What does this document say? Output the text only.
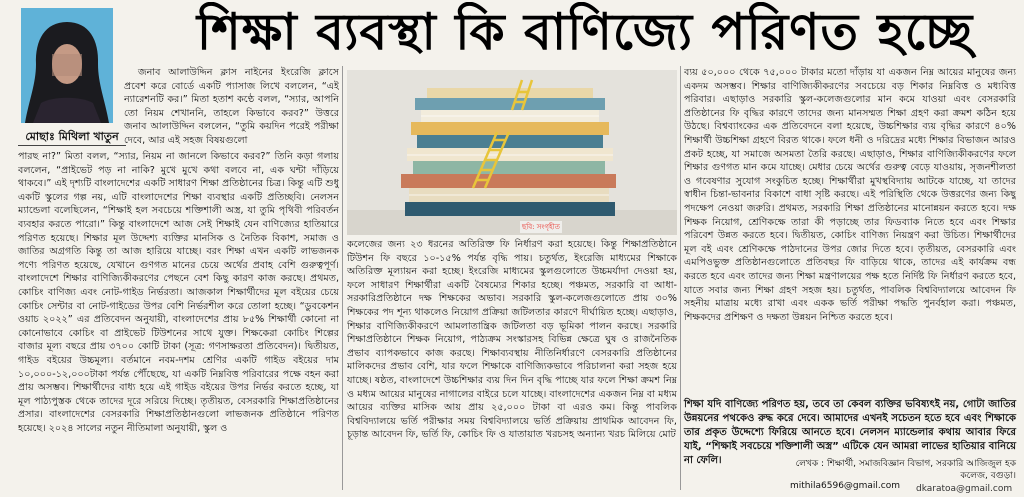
শিক্ষা ব্যবস্থা কি বাণিজ্যে পরিণত হচ্ছে
মোছাঃ মিথিলা খাতুন

জনাব আলাউদ্দিন ক্লাস নাইনের ইংরেজি ক্লাসে প্রবেশ করে বোর্ডে একটি প্যাসাজ লিখে বললেন, “এই ন্যারেশনটি কর।” মিতা হতাশ কণ্ঠে বলল, “স্যার, আপনি তো নিয়ম শেখাননি, তাহলে কিভাবে করব?” উত্তরে জনাব আলাউদ্দিন বললেন, “তুমি কয়দিন পরেই পরীক্ষা দেবে, আর এই সহজ বিষয়গুলো

পারছ না?” মিতা বলল, “স্যার, নিয়ম না জানলে কিভাবে করব?” তিনি কড়া গলায় বললেন, “প্রাইভেট পড় না নাকি? মুখে মুখে কথা বলবে না, এক ঘন্টা দাঁড়িয়ে থাকবে।” এই দৃশ্যটি বাংলাদেশের একটি সাধারণ শিক্ষা প্রতিষ্ঠানের চিত্র। কিন্তু এটি শুধু একটি স্কুলের গল্প নয়, এটি বাংলাদেশের শিক্ষা ব্যবস্থার একটি প্রতিচ্ছবি। নেলসন ম্যান্ডেলা বলেছিলেন, “শিক্ষাই হল সবচেয়ে শক্তিশালী অস্ত্র, যা তুমি পৃথিবী পরিবর্তন ব্যবহার করতে পারো।” কিন্তু বাংলাদেশে আজ সেই শিক্ষাই যেন বাণিজ্যের হাতিয়ারে পরিণত হয়েছে। শিক্ষার মূল উদ্দেশ্য ব্যক্তির মানসিক ও নৈতিক বিকাশ, সমাজ ও জাতির অগ্রগতি কিন্তু তা আজ হারিয়ে যাচ্ছে। বরং শিক্ষা এখন একটি লাভজনক পণ্যে পরিণত হয়েছে, যেখানে গুণগত মানের চেয়ে অর্থের প্রবাহ বেশি গুরুত্বপূর্ণ। বাংলাদেশে শিক্ষার বাণিজ্যিকীকরণের পেছনে বেশ কিছু কারণ কাজ করছে। প্রথমত, কোচিং বাণিজ্য এবং নোট-গাইড নির্ভরতা। আজকাল শিক্ষার্থীদের মূল বইয়ের চেয়ে কোচিং সেন্টার বা নোট-গাইডের উপর বেশি নির্ভরশীল করে তোলা হচ্ছে। “ডুবকেশন ওয়াচ ২০২২” এর প্রতিবেদন অনুযায়ী, বাংলাদেশের প্রায় ৮৫% শিক্ষার্থী কোনো না কোনোভাবে কোচিং বা প্রাইভেট টিউশনের সাথে যুক্ত। শিক্ষকেরা কোচিং শিল্পের বাজার মূল্য বছরে প্রায় ৩৭০০ কোটি টাকা (সূত্র: গণসাক্ষরতা প্রতিবেদন)। দ্বিতীয়ত, গাইড বইয়ের উচ্চমূল্য। বর্তমানে নবম-দশম শ্রেণির একটি গাইড বইয়ের দাম ১০,০০০-১২,০০০টাকা পর্যন্ত পৌঁছেছে, যা একটি নিম্নবিত্ত পরিবারের পক্ষে বহন করা প্রায় অসম্ভব। শিক্ষার্থীদের বাধ্য হয়ে এই গাইড বইয়ের উপর নির্ভর করতে হচ্ছে, যা মূল পাঠ্যপুস্তক থেকে তাদের দূরে সরিয়ে দিচ্ছে। তৃতীয়ত, বেসরকারি শিক্ষাপ্রতিষ্ঠানের প্রসার। বাংলাদেশের বেসরকারি শিক্ষাপ্রতিষ্ঠানগুলো লাভজনক প্রতিষ্ঠানে পরিণত হয়েছে। ২০২৪ সালের নতুন নীতিমালা অনুযায়ী, স্কুল ও

ছবি: সংগৃহীত

কলেজের জন্য ২৩ ধরনের অতিরিক্ত ফি নির্ধারণ করা হয়েছে। কিন্তু শিক্ষাপ্রতিষ্ঠানে টিউশন ফি বছরে ১০-১৫% পর্যন্ত বৃদ্ধি পায়। চতুর্থত, ইংরেজি মাধ্যমের শিক্ষাকে অতিরিক্ত মূল্যায়ন করা হচ্ছে। ইংরেজি মাধ্যমের স্কুলগুলোতে উচ্চমর্যাদা দেওয়া হয়, ফলে সাধারণ শিক্ষার্থীরা একটি বৈষম্যের শিকার হচ্ছে। পঞ্চমত, সরকারি বা আধা-সরকারিপ্রতিষ্ঠানে দক্ষ শিক্ষকের অভাব। সরকারি স্কুল-কলেজগুলোতে প্রায় ৩০% শিক্ষকের পদ শূন্য থাকলেও নিয়োগ প্রক্রিয়া জটিলতার কারণে দীর্ঘায়িত হচ্ছে। এছাড়াও, শিক্ষার বাণিজ্যিকীকরণে আমলাতান্ত্রিক জটিলতা বড় ভূমিকা পালন করছে। সরকারি শিক্ষাপ্রতিষ্ঠানে শিক্ষক নিয়োগ, পাঠ্যক্রম সংস্কারসহ বিভিন্ন ক্ষেত্রে ঘুষ ও রাজনৈতিক প্রভাব ব্যাপকভাবে কাজ করছে। শিক্ষাব্যবস্থায় নীতিনির্ধারণে বেসরকারি প্রতিষ্ঠানের মালিকদের প্রভাব বেশি, যার ফলে শিক্ষাকে বাণিজ্যিকভাবে পরিচালনা করা সহজ হয়ে যাচ্ছে। ষষ্ঠত, বাংলাদেশে উচ্চশিক্ষার ব্যয় দিন দিন বৃদ্ধি পাচ্ছে যার ফলে শিক্ষা ক্রমশ নিম্ন ও মধ্যম আয়ের মানুষের নাগালের বাইরে চলে যাচ্ছে। বাংলাদেশের একজন নিম্ন বা মধ্যম আয়ের ব্যক্তির মাসিক আয় প্রায় ২৫,০০০ টাকা বা এরও কম। কিন্তু পাবলিক বিশ্ববিদ্যালয়ে ভর্তি পরীক্ষার সময় বিশ্ববিদ্যালয়ে ভর্তি প্রক্রিয়ায় প্রাথমিক আবেদন ফি, চূড়ান্ত আবেদন ফি, ভর্তি ফি, কোচিং ফি ও যাতায়াত খরচসহ অন্যান্য খরচ মিলিয়ে মোট

ব্যয় ৫০,০০০ থেকে ৭৫,০০০ টাকার মতো দাঁড়ায় যা একজন নিম্ন আয়ের মানুষের জন্য একদম অসম্ভব। শিক্ষার বাণিজ্যিকীকরণের সবচেয়ে বড় শিকার নিম্নবিত্ত ও মধ্যবিত্ত পরিবার। এছাড়াও সরকারি স্কুল-কলেজগুলোর মান কমে যাওয়া এবং বেসরকারি প্রতিষ্ঠানের ফি বৃদ্ধির কারণে তাদের জন্য মানসম্মত শিক্ষা গ্রহণ করা ক্রমশ কঠিন হয়ে উঠছে। বিশ্বব্যাংকের এক প্রতিবেদনে বলা হয়েছে, উচ্চশিক্ষার ব্যয় বৃদ্ধির কারণে ৪০% শিক্ষার্থী উচ্চশিক্ষা গ্রহণে বিরত থাকে। ফলে ধনী ও দরিদ্রের মধ্যে শিক্ষার বিভাজন আরও প্রকট হচ্ছে, যা সমাজে অসমতা তৈরি করছে। এছাড়াও, শিক্ষার বাণিজ্যিকীকরণের ফলে শিক্ষার গুণগত মান কমে যাচ্ছে। মেধার চেয়ে অর্থের গুরুত্ব বেড়ে যাওয়ায়, সৃজনশীলতা ও গবেষণার সুযোগ সংকুচিত হচ্ছে। শিক্ষার্থীরা মুখস্থবিদ্যায় আটকে যাচ্ছে, যা তাদের স্বাধীন চিন্তা-ভাবনার বিকাশে বাধা সৃষ্টি করছে। এই পরিস্থিতি থেকে উত্তরণের জন্য কিছু পদক্ষেপ নেওয়া জরুরি। প্রথমত, সরকারি শিক্ষা প্রতিষ্ঠানের মানোন্নয়ন করতে হবে। দক্ষ শিক্ষক নিয়োগ, শ্রেণিকক্ষে তারা কী পড়াচ্ছে তার ফিডব্যাক নিতে হবে এবং শিক্ষার পরিবেশ উন্নত করতে হবে। দ্বিতীয়ত, কোচিং বাণিজ্য নিয়ন্ত্রণ করা উচিত। শিক্ষার্থীদের মূল বই এবং শ্রেণিকক্ষে পাঠদানের উপর জোর দিতে হবে। তৃতীয়ত, বেসরকারি এবং এমপিওভুক্ত প্রতিষ্ঠানগুলোতে প্রতিবছর ফি বাড়িয়ে থাকে, তাদের এই কার্যক্রম বন্ধ করতে হবে এবং তাদের জন্য শিক্ষা মন্ত্রণালয়ের পক্ষ হতে নির্দিষ্ট ফি নির্ধারণ করতে হবে, যাতে সবার জন্য শিক্ষা গ্রহণ সহজ হয়। চতুর্থত, পাবলিক বিশ্ববিদ্যালয়ে আবেদন ফি সহনীয় মাত্রায় মধ্যে রাখা এবং একক ভর্তি পরীক্ষা পদ্ধতি পুনর্বহাল করা। পঞ্চমত, শিক্ষকদের প্রশিক্ষণ ও দক্ষতা উন্নয়ন নিশ্চিত করতে হবে।

শিক্ষা যদি বাণিজ্যে পরিণত হয়, তবে তা কেবল ব্যক্তির ভবিষ্যৎই নয়, গোটা জাতির উন্নয়নের পথকেও রুদ্ধ করে দেবে। আমাদের এখনই সচেতন হতে হবে এবং শিক্ষাকে তার প্রকৃত উদ্দেশ্যে ফিরিয়ে আনতে হবে। নেলসন ম্যান্ডেলার কথায় আবার ফিরে যাই, “শিক্ষাই সবচেয়ে শক্তিশালী অস্ত্র” এটিকে যেন আমরা লাভের হাতিয়ার বানিয়ে না ফেলি।	লেখক : শিক্ষার্থী, সমাজবিজ্ঞান বিভাগ, সরকারি আজিজুল হক কলেজ, বগুড়া।
mithila6596@gmail.com dkaratoa@gmail.com
